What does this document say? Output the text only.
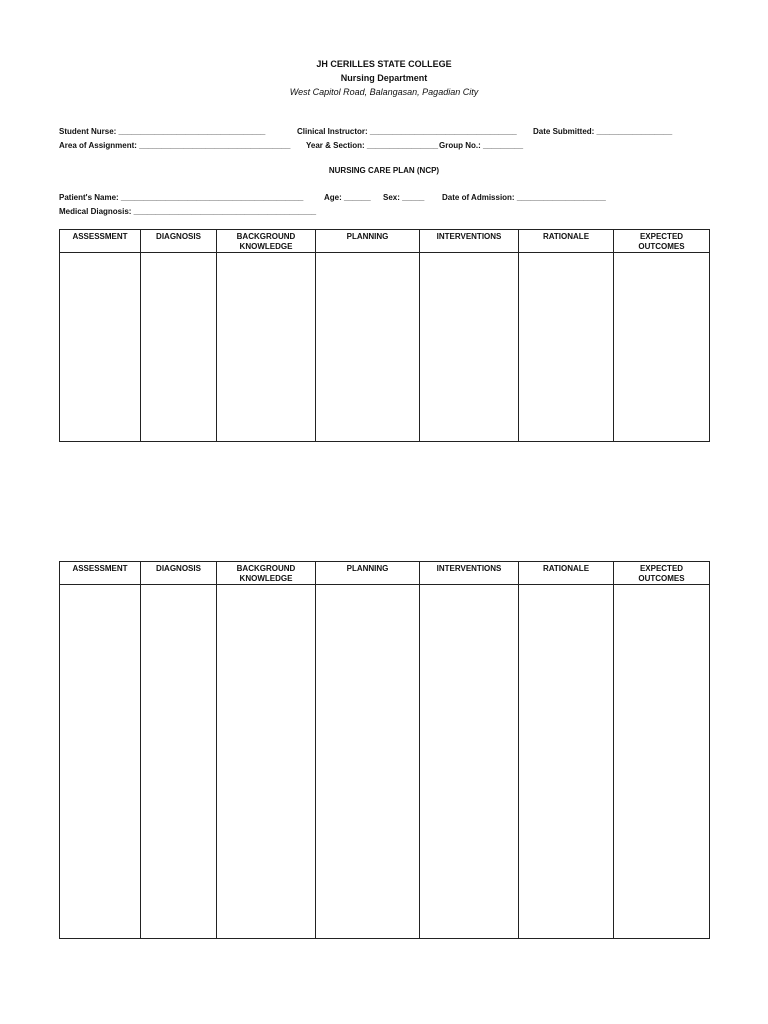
JH CERILLES STATE COLLEGE
Nursing Department
West Capitol Road, Balangasan, Pagadian City
Student Nurse: _________________________________	Clinical Instructor: _________________________________ Date Submitted: _________________
Area of Assignment: __________________________________ Year & Section: ________________ Group No.: _________
NURSING CARE PLAN (NCP)
Patient's Name: _________________________________________	Age: ______ Sex: _____ Date of Admission: ____________________
Medical Diagnosis: _________________________________________
ASSESSMENT	DIAGNOSIS	BACKGROUND KNOWLEDGE	PLANNING	INTERVENTIONS	RATIONALE	EXPECTED OUTCOMES

ASSESSMENT	DIAGNOSIS	BACKGROUND KNOWLEDGE	PLANNING	INTERVENTIONS	RATIONALE	EXPECTED OUTCOMES
